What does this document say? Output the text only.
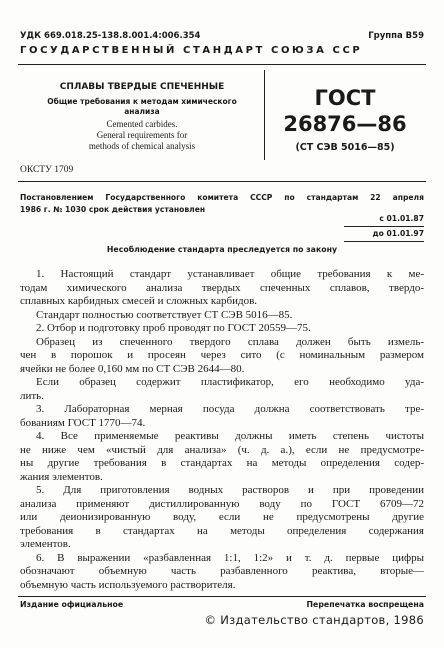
УДК 669.018.25-138.8.001.4:006.354	Группа В59
ГОСУДАРСТВЕННЫЙ СТАНДАРТ СОЮЗА ССР
СПЛАВЫ ТВЕРДЫЕ СПЕЧЕННЫЕ
Общие требования к методам химического
анализа
Cemented carbides.
General requirements for
methods of chemical analysis
ГОСТ
26876—86
(СТ СЭВ 5016—85)
ОКСТУ 1709
Постановлением Государственного комитета СССР по стандартам 22 апреля
1986 г. № 1030 срок действия установлен
с 01.01.87
до 01.01.97
Несоблюдение стандарта преследуется по закону
1. Настоящий стандарт устанавливает общие требования к ме-
тодам химического анализа твердых спеченных сплавов, твердо-
сплавных карбидных смесей и сложных карбидов.
Стандарт полностью соответствует СТ СЭВ 5016—85.
2. Отбор и подготовку проб проводят по ГОСТ 20559—75.
Образец из спеченного твердого сплава должен быть измель-
чен в порошок и просеян через сито (с номинальным размером
ячейки не более 0,160 мм по СТ СЭВ 2644—80.
Если образец содержит пластификатор, его необходимо уда-
лить.
3. Лабораторная мерная посуда должна соответствовать тре-
бованиям ГОСТ 1770—74.
4. Все применяемые реактивы должны иметь степень чистоты
не ниже чем «чистый для анализа» (ч. д. а.), если не предусмотре-
ны другие требования в стандартах на методы определения содер-
жания элементов.
5. Для приготовления водных растворов и при проведении
анализа применяют дистиллированную воду по ГОСТ 6709—72
или деионизированную воду, если не предусмотрены другие
требования в стандартах на методы определения содержания
элементов.
6. В выражении «разбавленная 1:1, 1:2» и т. д. первые цифры
обозначают объемную часть разбавленного реактива, вторые—
объемную часть используемого растворителя.
Издание официальное	Перепечатка воспрещена
© Издательство стандартов, 1986
